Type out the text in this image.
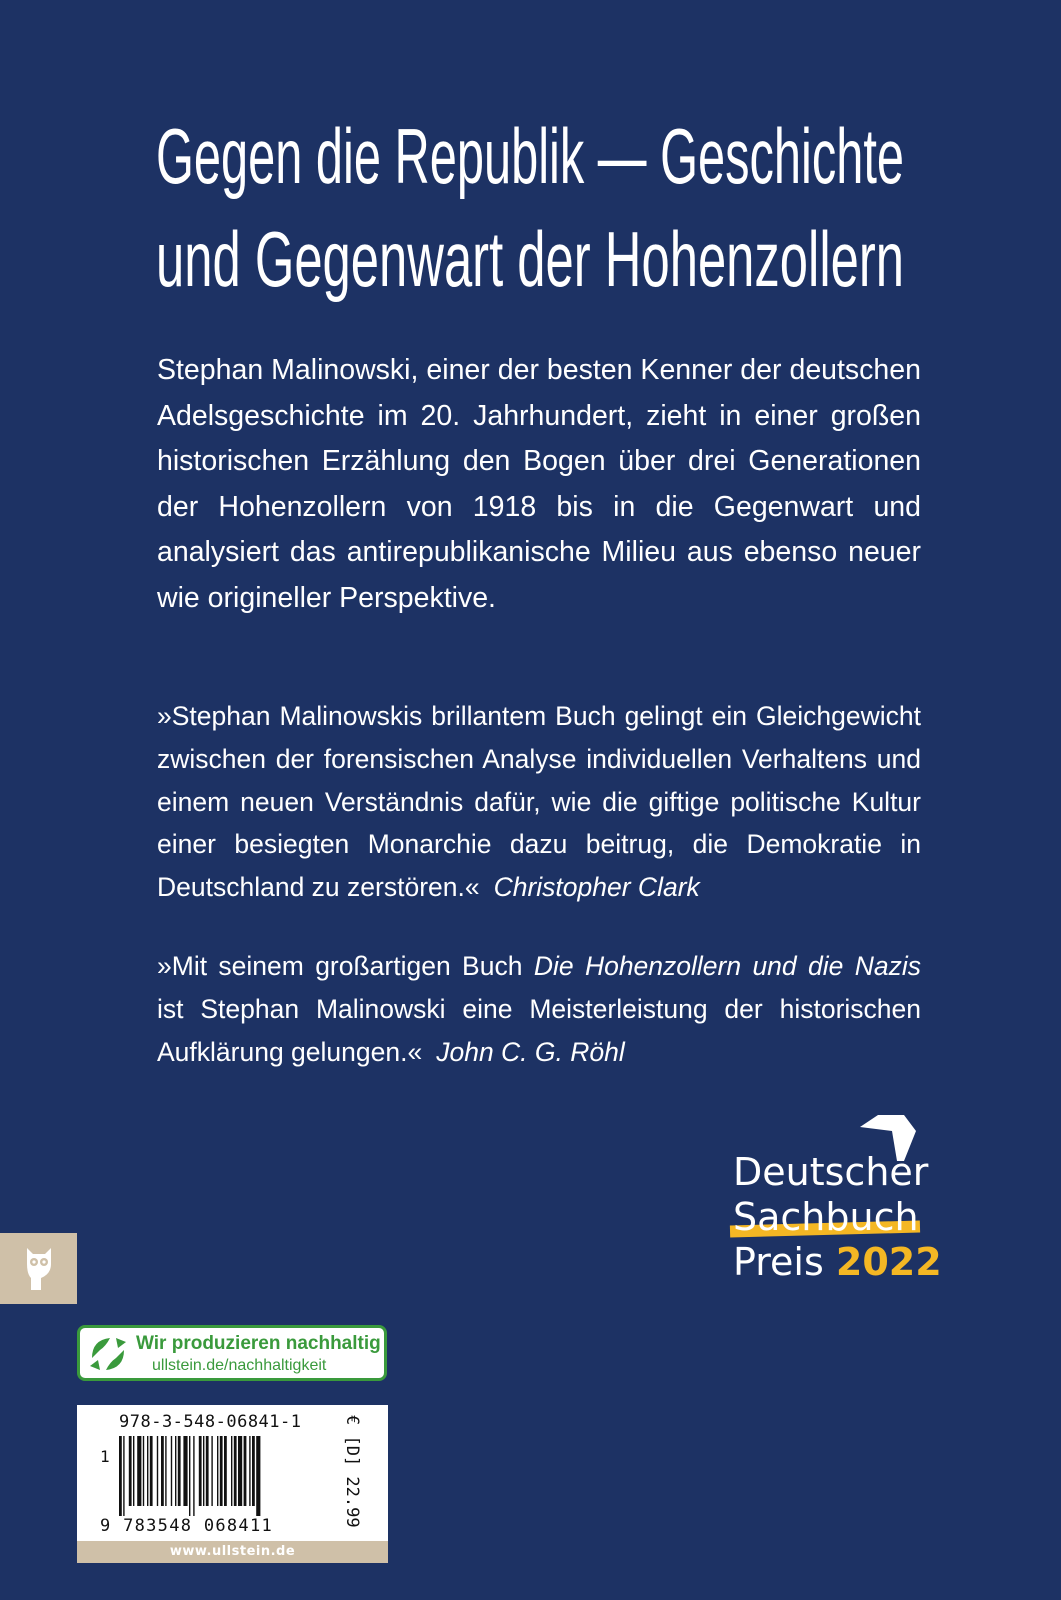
Gegen die Republik — Geschichte
und Gegenwart der Hohenzollern

Stephan Malinowski, einer der besten Kenner der deutschen Adelsgeschichte im 20. Jahrhundert, zieht in einer großen historischen Erzählung den Bogen über drei Generationen der Hohenzollern von 1918 bis in die Gegenwart und analysiert das antirepublikanische Milieu aus ebenso neuer wie origineller Perspektive.

»Stephan Malinowskis brillantem Buch gelingt ein Gleichgewicht zwischen der forensischen Analyse individuellen Verhaltens und einem neuen Verständnis dafür, wie die giftige politische Kultur einer besiegten Monarchie dazu beitrug, die Demokratie in Deutschland zu zerstören.« Christopher Clark

»Mit seinem großartigen Buch Die Hohenzollern und die Nazis ist Stephan Malinowski eine Meisterleistung der historischen Aufklärung gelungen.« John C. G. Röhl

Deutscher
Sachbuch
Preis 2022
Wir produzieren nachhaltig
ullstein.de/nachhaltigkeit
978-3-548-06841-1
1
9 783548 068411	€ [D] 22.99
www.ullstein.de
